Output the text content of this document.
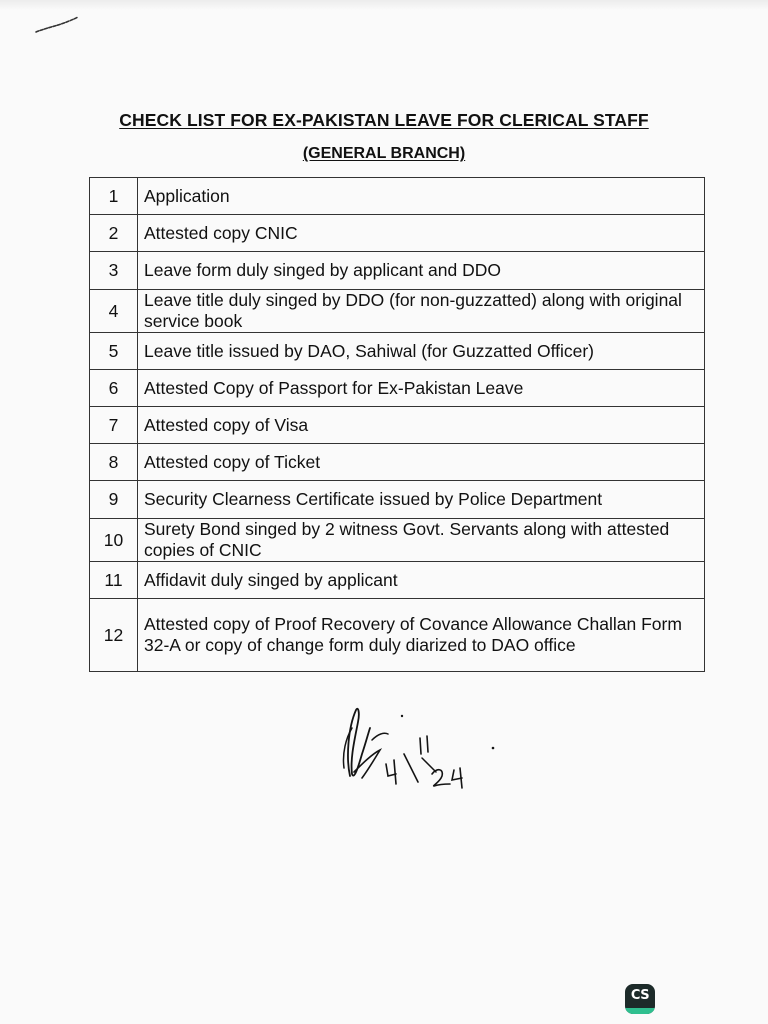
CHECK LIST FOR EX-PAKISTAN LEAVE FOR CLERICAL STAFF
(GENERAL BRANCH)
1	Application
2	Attested copy CNIC
3	Leave form duly singed by applicant and DDO
4	Leave title duly singed by DDO (for non-guzzatted) along with original service book
5	Leave title issued by DAO, Sahiwal (for Guzzatted Officer)
6	Attested Copy of Passport for Ex-Pakistan Leave
7	Attested copy of Visa
8	Attested copy of Ticket
9	Security Clearness Certificate issued by Police Department
10	Surety Bond singed by 2 witness Govt. Servants along with attested copies of CNIC
11	Affidavit duly singed by applicant
12	Attested copy of Proof Recovery of Covance Allowance Challan Form 32-A or copy of change form duly diarized to DAO office
CS
